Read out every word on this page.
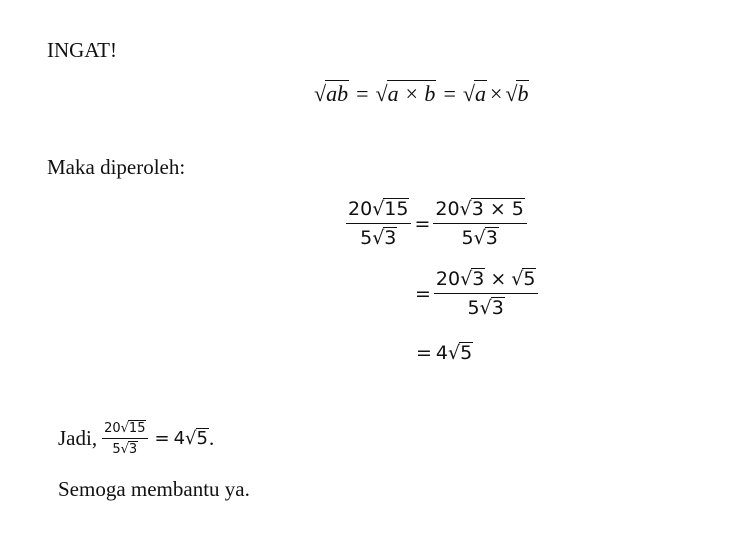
INGAT!
√ab = √a × b = √a × √b
Maka diperoleh:
$\frac{20√15}{5√3} = \frac{20√3 \times 5}{5√3}$
= $\frac{20√3 \times √5}{5√3}$
= 4√5
Jadi, $\frac{20√15}{5√3} = 4$ √5 .
Semoga membantu ya.
